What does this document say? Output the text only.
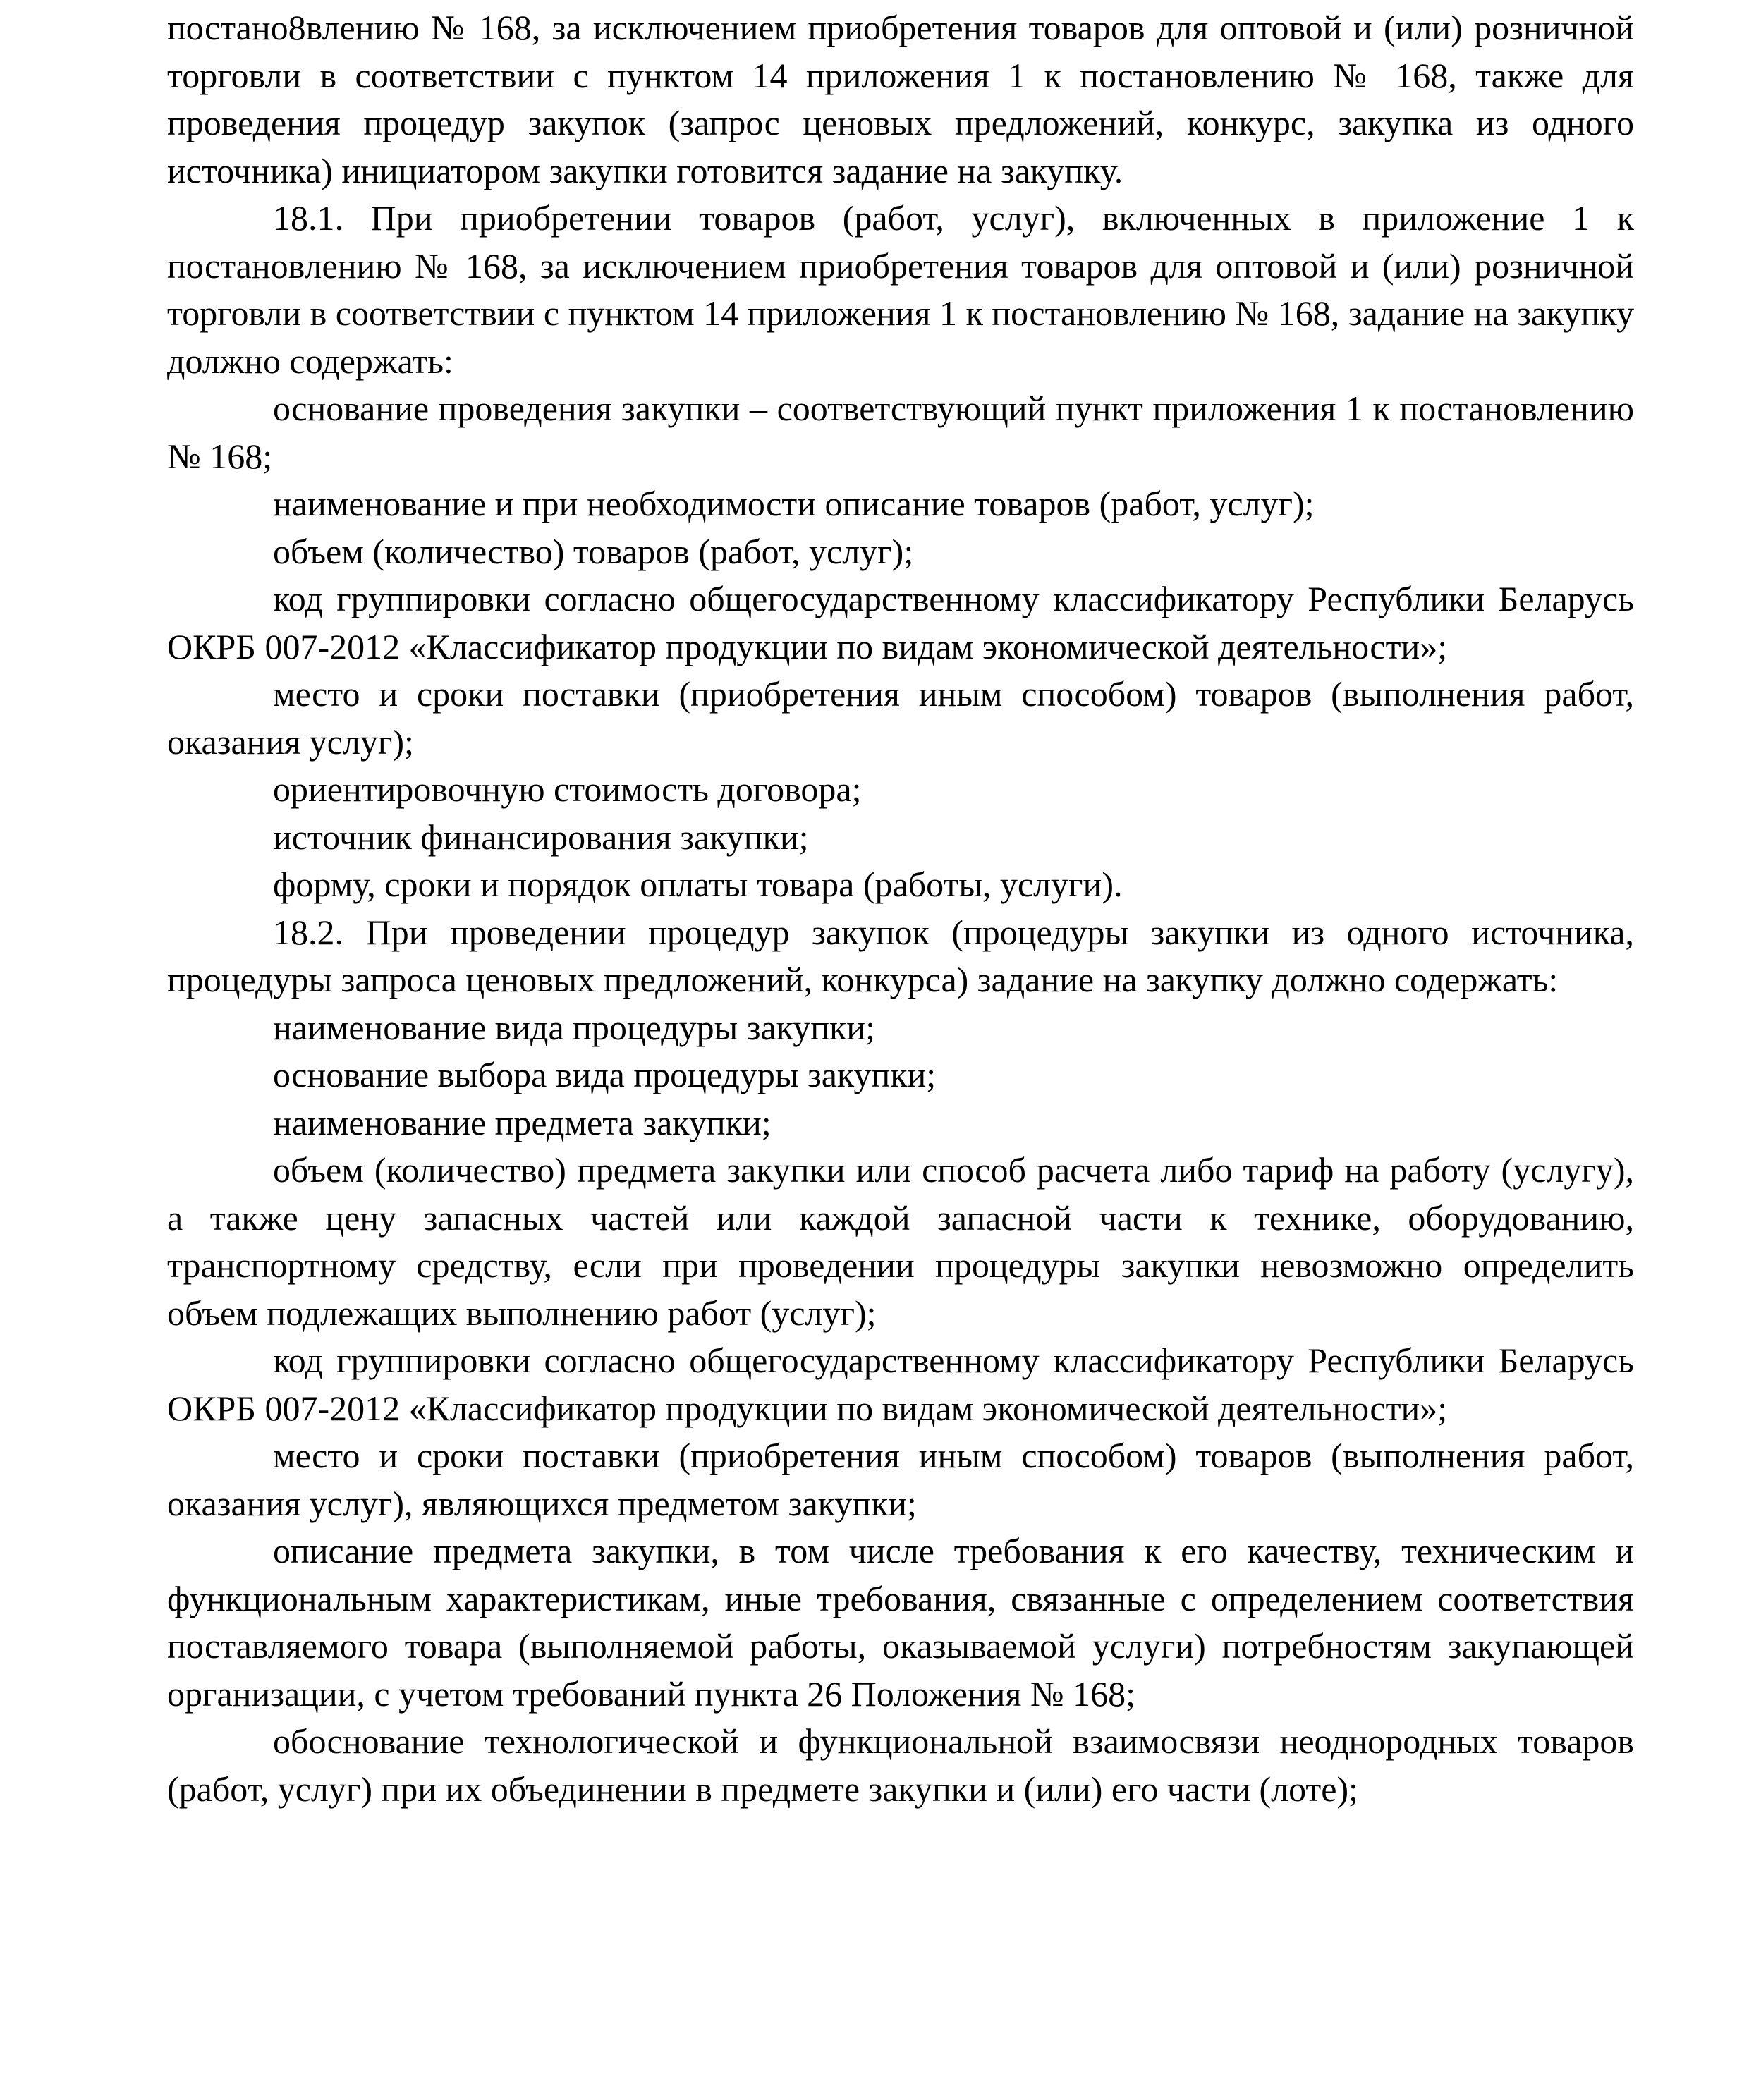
постано8влению № 168, за исключением приобретения товаров для оптовой и (или) розничной торговли в соответствии с пунктом 14 приложения 1 к постановлению № 168, также для проведения процедур закупок (запрос ценовых предложений, конкурс, закупка из одного источника) инициатором закупки готовится задание на закупку.

18.1. При приобретении товаров (работ, услуг), включенных в приложение 1 к постановлению № 168, за исключением приобретения товаров для оптовой и (или) розничной торговли в соответствии с пунктом 14 приложения 1 к постановлению № 168, задание на закупку должно содержать:

основание проведения закупки – соответствующий пункт приложения 1 к постановлению № 168;

наименование и при необходимости описание товаров (работ, услуг);

объем (количество) товаров (работ, услуг);

код группировки согласно общегосударственному классификатору Республики Беларусь ОКРБ 007-2012 «Классификатор продукции по видам экономической деятельности»;

место и сроки поставки (приобретения иным способом) товаров (выполнения работ, оказания услуг);

ориентировочную стоимость договора;

источник финансирования закупки;

форму, сроки и порядок оплаты товара (работы, услуги).

18.2. При проведении процедур закупок (процедуры закупки из одного источника, процедуры запроса ценовых предложений, конкурса) задание на закупку должно содержать:

наименование вида процедуры закупки;

основание выбора вида процедуры закупки;

наименование предмета закупки;

объем (количество) предмета закупки или способ расчета либо тариф на работу (услугу), а также цену запасных частей или каждой запасной части к технике, оборудованию, транспортному средству, если при проведении процедуры закупки невозможно определить объем подлежащих выполнению работ (услуг);

код группировки согласно общегосударственному классификатору Республики Беларусь ОКРБ 007-2012 «Классификатор продукции по видам экономической деятельности»;

место и сроки поставки (приобретения иным способом) товаров (выполнения работ, оказания услуг), являющихся предметом закупки;

описание предмета закупки, в том числе требования к его качеству, техническим и функциональным характеристикам, иные требования, связанные с определением соответствия поставляемого товара (выполняемой работы, оказываемой услуги) потребностям закупающей организации, с учетом требований пункта 26 Положения № 168;

обоснование технологической и функциональной взаимосвязи неоднородных товаров (работ, услуг) при их объединении в предмете закупки и (или) его части (лоте);
